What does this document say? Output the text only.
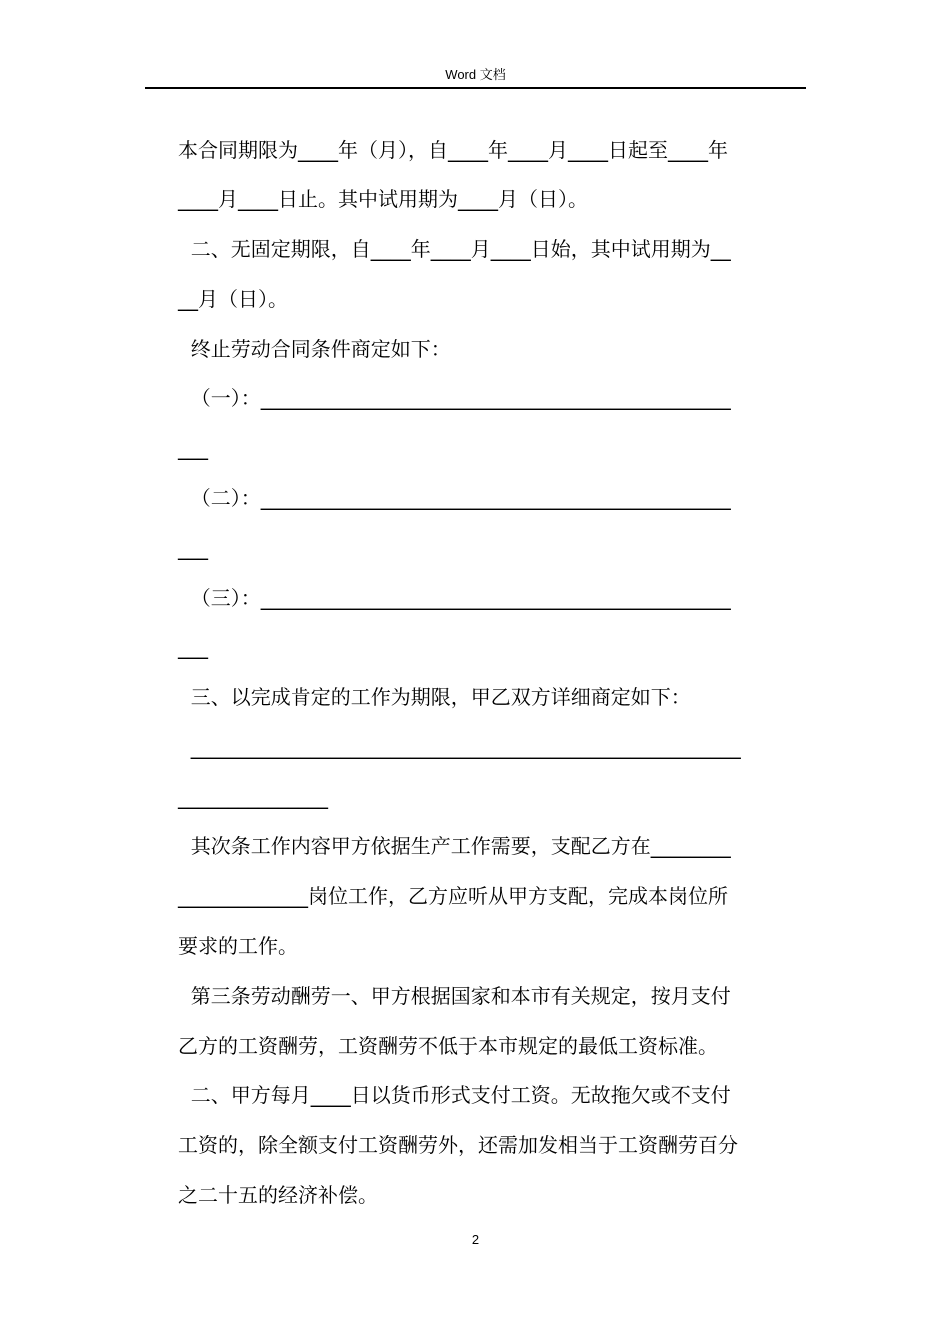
Word 文档
本合同期限为____年（月），自____年____月____日起至____年
____月____日止。其中试用期为____月（日）。
二、无固定期限，自____年____月____日始，其中试用期为__
__月（日）。
终止劳动合同条件商定如下：
（一）：_______________________________________________
___
（二）：_______________________________________________
___
（三）：_______________________________________________
___
三、以完成肯定的工作为期限，甲乙双方详细商定如下：
_______________________________________________________
_______________
其次条工作内容甲方依据生产工作需要，支配乙方在________
_____________岗位工作，乙方应听从甲方支配，完成本岗位所
要求的工作。
第三条劳动酬劳一、甲方根据国家和本市有关规定，按月支付
乙方的工资酬劳，工资酬劳不低于本市规定的最低工资标准。
二、甲方每月____日以货币形式支付工资。无故拖欠或不支付
工资的，除全额支付工资酬劳外，还需加发相当于工资酬劳百分
之二十五的经济补偿。
2
